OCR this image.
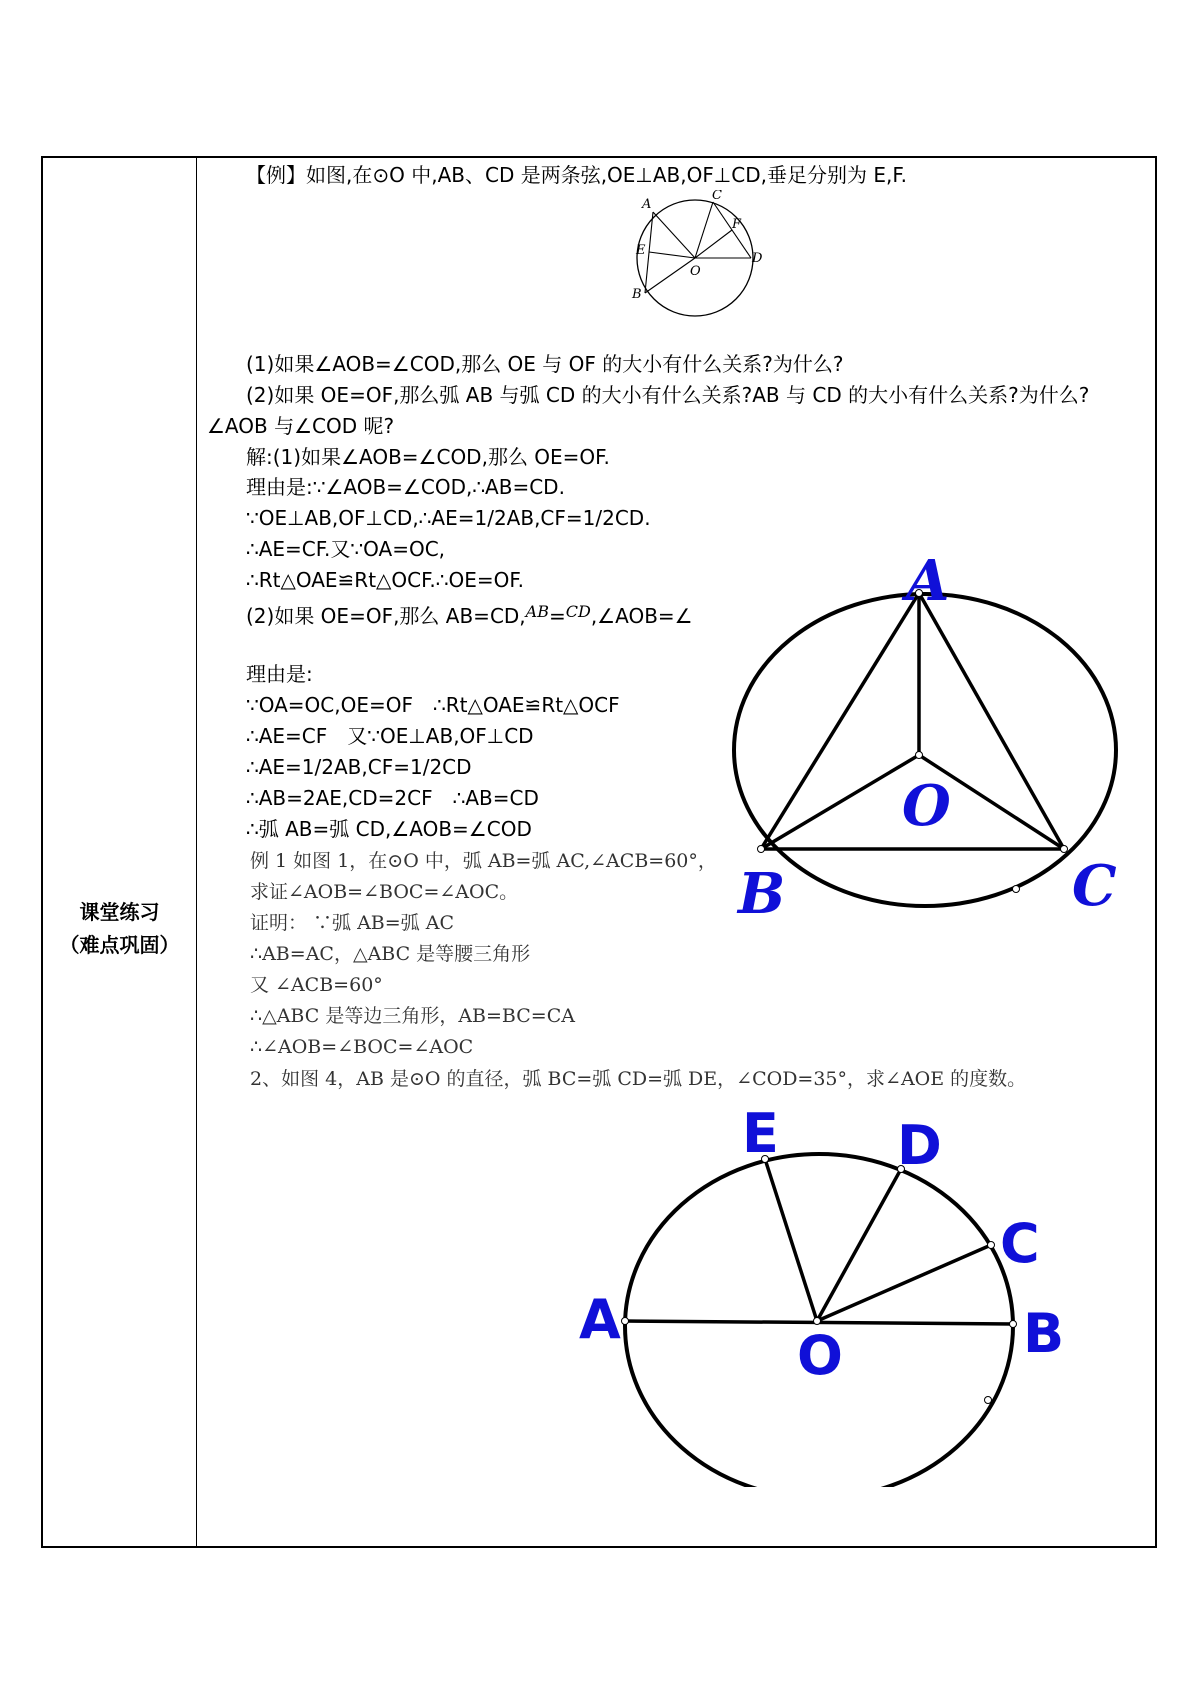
课堂练习
（难点巩固）
【例】如图,在⊙O 中,AB、CD 是两条弦,OE⊥AB,OF⊥CD,垂足分别为 E,F.
A
C
F
E
D
O
B
(1)如果∠AOB=∠COD,那么 OE 与 OF 的大小有什么关系?为什么?
(2)如果 OE=OF,那么弧 AB 与弧 CD 的大小有什么关系?AB 与 CD 的大小有什么关系?为什么?
∠AOB 与∠COD 呢?
解:(1)如果∠AOB=∠COD,那么 OE=OF.
理由是:∵∠AOB=∠COD,∴AB=CD.
∵OE⊥AB,OF⊥CD,∴AE=1/2AB,CF=1/2CD.
∴AE=CF.又∵OA=OC,
∴Rt△OAE≌Rt△OCF.∴OE=OF.
(2)如果 OE=OF,那么 AB=CD,
AB=
CD,∠AOB=∠
理由是:
∵OA=OC,OE=OF　∴Rt△OAE≌Rt△OCF
∴AE=CF　又∵OE⊥AB,OF⊥CD
∴AE=1/2AB,CF=1/2CD
∴AB=2AE,CD=2CF　∴AB=CD
∴弧 AB=弧 CD,∠AOB=∠COD
例 1 如图 1，在⊙O 中，弧 AB=弧 AC,∠ACB=60°，
求证∠AOB=∠BOC=∠AOC。
证明： ∵弧 AB=弧 AC
∴AB=AC，△ABC 是等腰三角形
又 ∠ACB=60°
∴△ABC 是等边三角形，AB=BC=CA
∴∠AOB=∠BOC=∠AOC
2、如图 4，AB 是⊙O 的直径，弧 BC=弧 CD=弧 DE，∠COD=35°，求∠AOE 的度数。
A
O
B	C
E D
C
A	B
O
